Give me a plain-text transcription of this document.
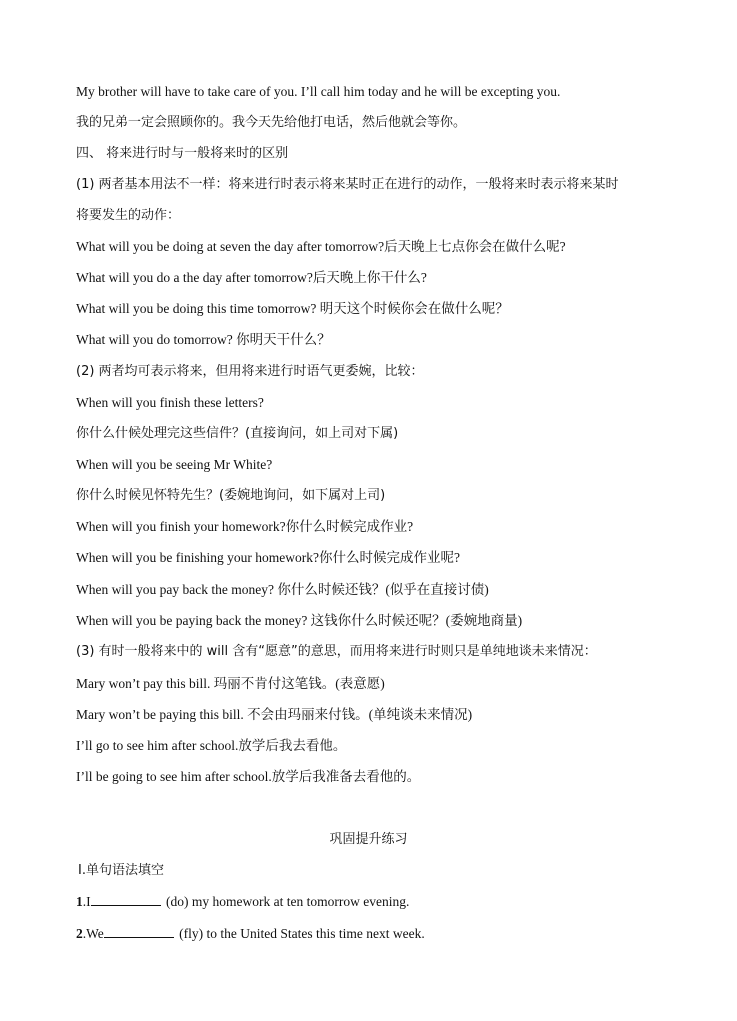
My brother will have to take care of you. I’ll call him today and he will be excepting you.
我的兄弟一定会照顾你的。我今天先给他打电话，然后他就会等你。
四、 将来进行时与一般将来时的区别
(1) 两者基本用法不一样：将来进行时表示将来某时正在进行的动作，一般将来时表示将来某时
将要发生的动作：
What will you be doing at seven the day after tomorrow?后天晚上七点你会在做什么呢?
What will you do a the day after tomorrow?后天晚上你干什么?
What will you be doing this time tomorrow? 明天这个时候你会在做什么呢？
What will you do tomorrow? 你明天干什么？
(2) 两者均可表示将来，但用将来进行时语气更委婉，比较：
When will you finish these letters?
你什么什候处理完这些信件？(直接询问，如上司对下属)
When will you be seeing Mr White?
你什么时候见怀特先生？(委婉地询问，如下属对上司)
When will you finish your homework?你什么时候完成作业?
When will you be finishing your homework?你什么时候完成作业呢?
When will you pay back the money? 你什么时候还钱？(似乎在直接讨债)
When will you be paying back the money? 这钱你什么时候还呢？(委婉地商量)
(3) 有时一般将来中的 will 含有“愿意”的意思，而用将来进行时则只是单纯地谈未来情况：
Mary won’t pay this bill. 玛丽不肯付这笔钱。(表意愿)
Mary won’t be paying this bill. 不会由玛丽来付钱。(单纯谈未来情况)
I’ll go to see him after school.放学后我去看他。
I’ll be going to see him after school.放学后我准备去看他的。
巩固提升练习
Ⅰ.单句语法填空
1.I	(do) my homework at ten tomorrow evening.
2.We	(fly) to the United States this time next week.
